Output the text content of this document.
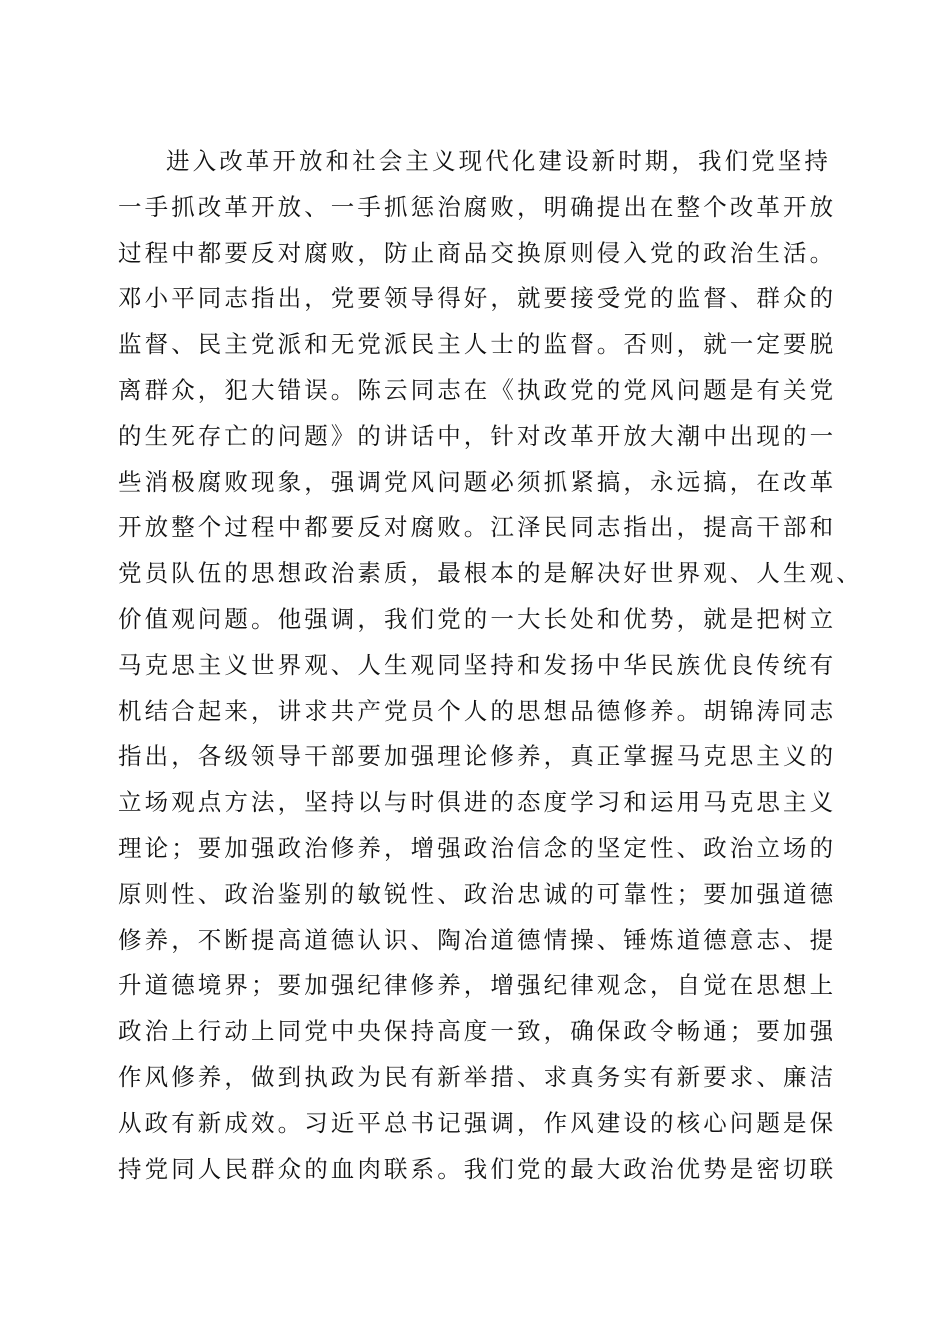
进入改革开放和社会主义现代化建设新时期，我们党坚持
一手抓改革开放、一手抓惩治腐败，明确提出在整个改革开放
过程中都要反对腐败，防止商品交换原则侵入党的政治生活。
邓小平同志指出，党要领导得好，就要接受党的监督、群众的
监督、民主党派和无党派民主人士的监督。否则，就一定要脱
离群众，犯大错误。陈云同志在《执政党的党风问题是有关党
的生死存亡的问题》的讲话中，针对改革开放大潮中出现的一
些消极腐败现象，强调党风问题必须抓紧搞，永远搞，在改革
开放整个过程中都要反对腐败。江泽民同志指出，提高干部和
党员队伍的思想政治素质，最根本的是解决好世界观、人生观、
价值观问题。他强调，我们党的一大长处和优势，就是把树立
马克思主义世界观、人生观同坚持和发扬中华民族优良传统有
机结合起来，讲求共产党员个人的思想品德修养。胡锦涛同志
指出，各级领导干部要加强理论修养，真正掌握马克思主义的
立场观点方法，坚持以与时俱进的态度学习和运用马克思主义
理论；要加强政治修养，增强政治信念的坚定性、政治立场的
原则性、政治鉴别的敏锐性、政治忠诚的可靠性；要加强道德
修养，不断提高道德认识、陶冶道德情操、锤炼道德意志、提
升道德境界；要加强纪律修养，增强纪律观念，自觉在思想上
政治上行动上同党中央保持高度一致，确保政令畅通；要加强
作风修养，做到执政为民有新举措、求真务实有新要求、廉洁
从政有新成效。习近平总书记强调，作风建设的核心问题是保
持党同人民群众的血肉联系。我们党的最大政治优势是密切联
